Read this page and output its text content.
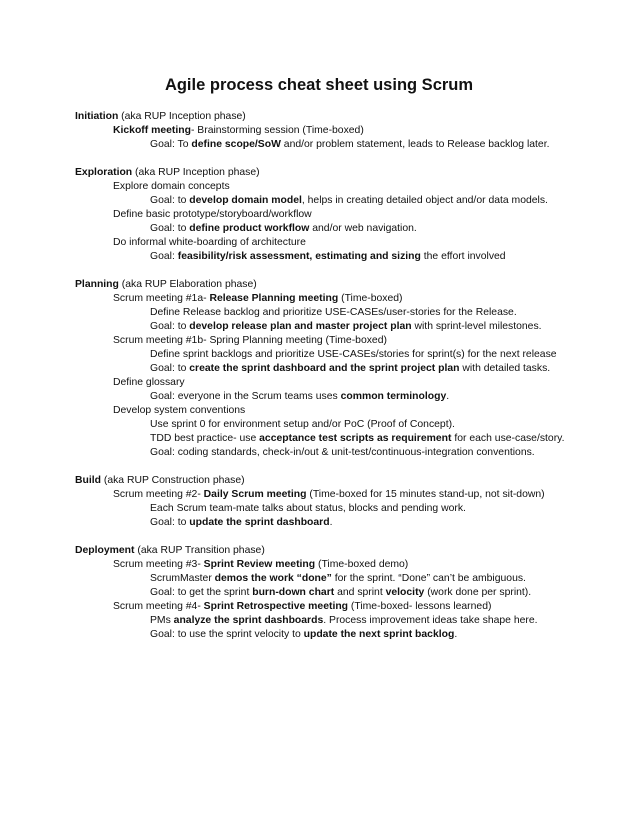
Agile process cheat sheet using Scrum
Initiation (aka RUP Inception phase)
Kickoff meeting- Brainstorming session (Time-boxed)
Goal: To define scope/SoW and/or problem statement, leads to Release backlog later.
Exploration (aka RUP Inception phase)
Explore domain concepts
Goal: to develop domain model, helps in creating detailed object and/or data models.
Define basic prototype/storyboard/workflow
Goal: to define product workflow and/or web navigation.
Do informal white-boarding of architecture
Goal: feasibility/risk assessment, estimating and sizing the effort involved
Planning (aka RUP Elaboration phase)
Scrum meeting #1a- Release Planning meeting (Time-boxed)
Define Release backlog and prioritize USE-CASEs/user-stories for the Release.
Goal: to develop release plan and master project plan with sprint-level milestones.
Scrum meeting #1b- Spring Planning meeting (Time-boxed)
Define sprint backlogs and prioritize USE-CASEs/stories for sprint(s) for the next release
Goal: to create the sprint dashboard and the sprint project plan with detailed tasks.
Define glossary
Goal: everyone in the Scrum teams uses common terminology.
Develop system conventions
Use sprint 0 for environment setup and/or PoC (Proof of Concept).
TDD best practice- use acceptance test scripts as requirement for each use-case/story.
Goal: coding standards, check-in/out & unit-test/continuous-integration conventions.
Build (aka RUP Construction phase)
Scrum meeting #2- Daily Scrum meeting (Time-boxed for 15 minutes stand-up, not sit-down)
Each Scrum team-mate talks about status, blocks and pending work.
Goal: to update the sprint dashboard.
Deployment (aka RUP Transition phase)
Scrum meeting #3- Sprint Review meeting (Time-boxed demo)
ScrumMaster demos the work “done” for the sprint. “Done” can’t be ambiguous.
Goal: to get the sprint burn-down chart and sprint velocity (work done per sprint).
Scrum meeting #4- Sprint Retrospective meeting (Time-boxed- lessons learned)
PMs analyze the sprint dashboards. Process improvement ideas take shape here.
Goal: to use the sprint velocity to update the next sprint backlog.
